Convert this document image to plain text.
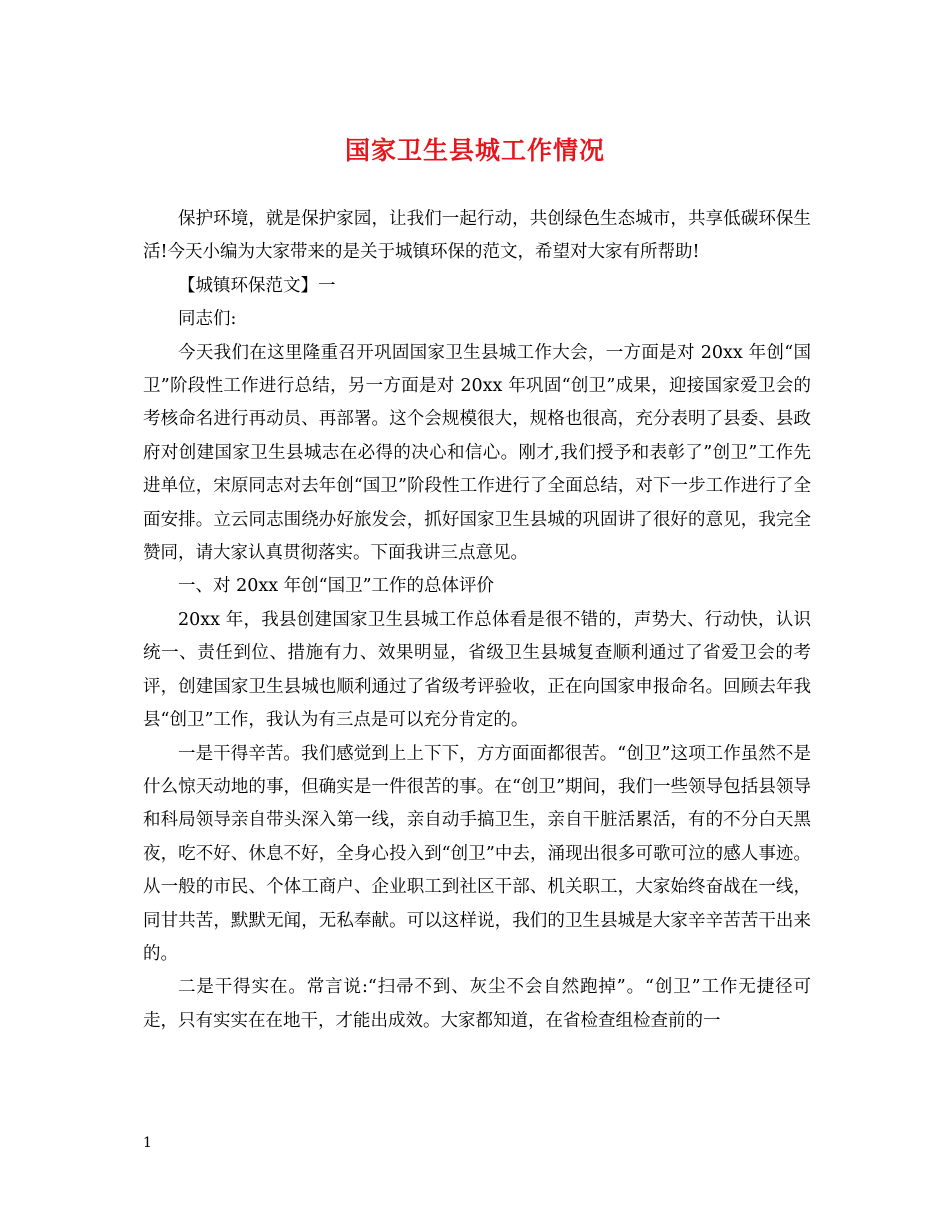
国家卫生县城工作情况

保护环境，就是保护家园，让我们一起行动，共创绿色生态城市，共享低碳环保生活!今天小编为大家带来的是关于城镇环保的范文，希望对大家有所帮助!

【城镇环保范文】一

同志们:

今天我们在这里隆重召开巩固国家卫生县城工作大会，一方面是对 20xx 年创“国卫”阶段性工作进行总结，另一方面是对 20xx 年巩固“创卫”成果，迎接国家爱卫会的考核命名进行再动员、再部署。这个会规模很大，规格也很高，充分表明了县委、县政府对创建国家卫生县城志在必得的决心和信心。刚才,我们授予和表彰了”创卫”工作先进单位，宋原同志对去年创“国卫”阶段性工作进行了全面总结，对下一步工作进行了全面安排。立云同志围绕办好旅发会，抓好国家卫生县城的巩固讲了很好的意见，我完全赞同，请大家认真贯彻落实。下面我讲三点意见。

一、对 20xx 年创“国卫”工作的总体评价

20xx 年，我县创建国家卫生县城工作总体看是很不错的，声势大、行动快，认识统一、责任到位、措施有力、效果明显，省级卫生县城复查顺利通过了省爱卫会的考评，创建国家卫生县城也顺利通过了省级考评验收，正在向国家申报命名。回顾去年我县“创卫”工作，我认为有三点是可以充分肯定的。

一是干得辛苦。我们感觉到上上下下，方方面面都很苦。“创卫”这项工作虽然不是什么惊天动地的事，但确实是一件很苦的事。在“创卫”期间，我们一些领导包括县领导和科局领导亲自带头深入第一线，亲自动手搞卫生，亲自干脏活累活，有的不分白天黑夜，吃不好、休息不好，全身心投入到“创卫”中去，涌现出很多可歌可泣的感人事迹。从一般的市民、个体工商户、企业职工到社区干部、机关职工，大家始终奋战在一线，同甘共苦，默默无闻，无私奉献。可以这样说，我们的卫生县城是大家辛辛苦苦干出来的。

二是干得实在。常言说:“扫帚不到、灰尘不会自然跑掉”。“创卫”工作无捷径可走，只有实实在在地干，才能出成效。大家都知道，在省检查组检查前的一

1
